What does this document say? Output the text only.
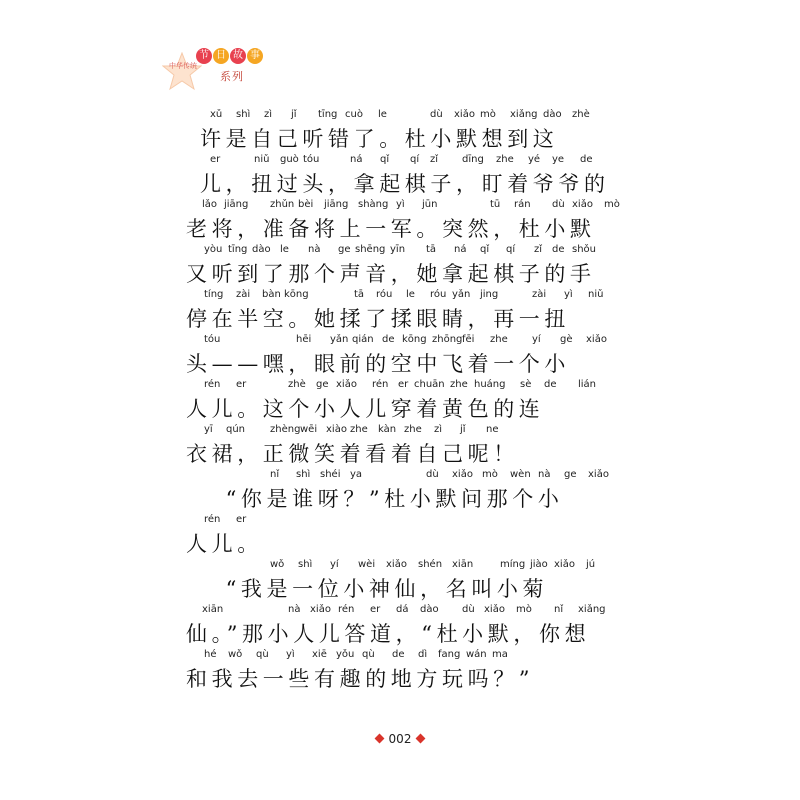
中华传统
节 日 故 事
系列
xǔ shì zì jǐ tīng cuò le	dù xiǎo mò xiǎng dào zhè
许是自己听错了。杜小默想到这
er	niǔ guò tóu	ná qǐ qí zǐ dīng zhe yé ye de
儿，扭过头，拿起棋子，盯着爷爷的
lǎo jiāng zhǔn bèi jiāng shàng yì jūn	tū rán dù xiǎo mò
老将，准备将上一军。突然，杜小默
yòu tīng dào le nà ge shēng yīn tā ná qǐ qí zǐ de shǒu
又听到了那个声音，她拿起棋子的手
tíng zài bàn kōng	tā róu le róu yǎn jing	zài yì niǔ
停在半空。她揉了揉眼睛，再一扭
tóu	hēi yǎn qián de kōng zhōng fēi zhe yí gè xiǎo
头——嘿，眼前的空中飞着一个小
rén er	zhè ge xiǎo rén er chuān zhe huáng sè de lián
人儿。这个小人儿穿着黄色的连
yī qún zhèng wēi xiào zhe kàn zhe zì jǐ ne
衣裙，正微笑着看着自己呢！
nǐ shì shéi ya	dù xiǎo mò wèn nà ge xiǎo
　“你是谁呀？”杜小默问那个小
rén er
人儿。
wǒ shì yí wèi xiǎo shén xiān	míng jiào xiǎo jú
　“我是一位小神仙，名叫小菊
xiān	nà xiǎo rén er dá dào dù xiǎo mò nǐ xiǎng
仙。”那小人儿答道，“杜小默，你想
hé wǒ qù yì xiē yǒu qù de dì fang wán ma
和我去一些有趣的地方玩吗？”
002
